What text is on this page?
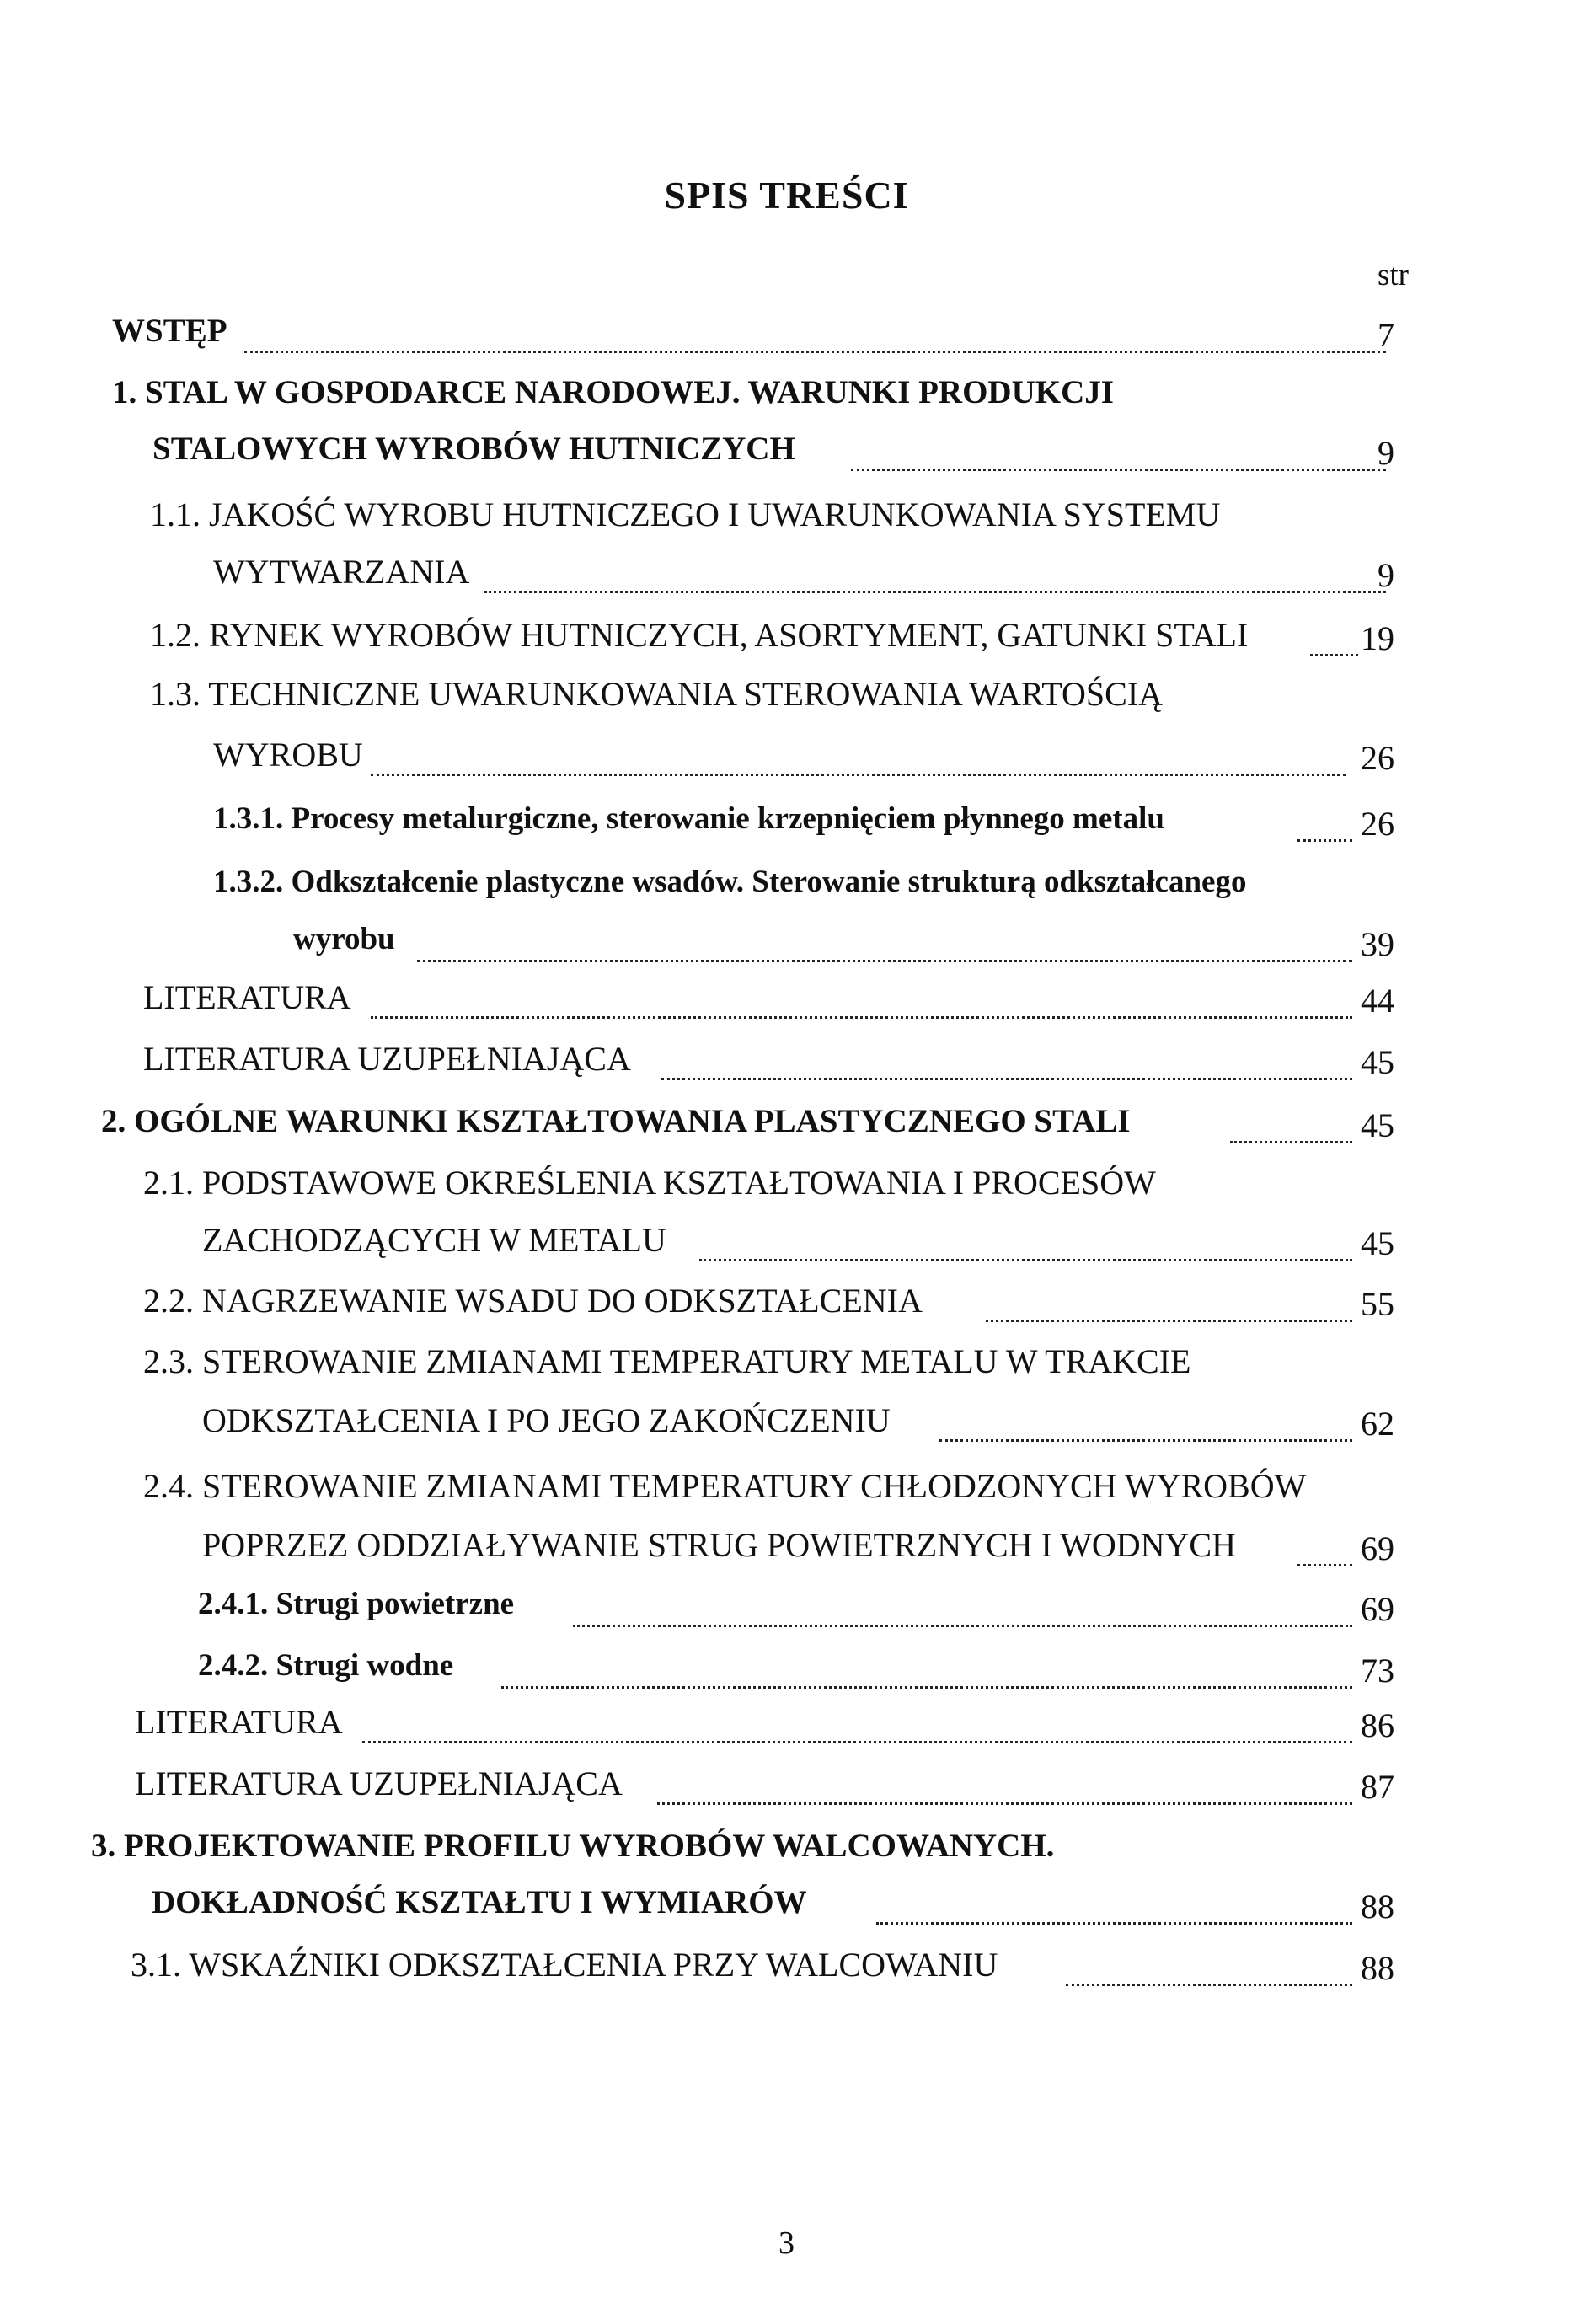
SPIS TREŚCI
str
WSTĘP	7
1. STAL W GOSPODARCE NARODOWEJ. WARUNKI PRODUKCJI
STALOWYCH WYROBÓW HUTNICZYCH	9
1.1. JAKOŚĆ WYROBU HUTNICZEGO I UWARUNKOWANIA SYSTEMU
WYTWARZANIA	9
1.2. RYNEK WYROBÓW HUTNICZYCH, ASORTYMENT, GATUNKI STALI	19
1.3. TECHNICZNE UWARUNKOWANIA STEROWANIA WARTOŚCIĄ
WYROBU	26
1.3.1. Procesy metalurgiczne, sterowanie krzepnięciem płynnego metalu	26
1.3.2. Odkształcenie plastyczne wsadów. Sterowanie strukturą odkształcanego
wyrobu	39
LITERATURA	44
LITERATURA UZUPEŁNIAJĄCA	45
2. OGÓLNE WARUNKI KSZTAŁTOWANIA PLASTYCZNEGO STALI	45
2.1. PODSTAWOWE OKREŚLENIA KSZTAŁTOWANIA I PROCESÓW
ZACHODZĄCYCH W METALU	45
2.2. NAGRZEWANIE WSADU DO ODKSZTAŁCENIA	55
2.3. STEROWANIE ZMIANAMI TEMPERATURY METALU W TRAKCIE
ODKSZTAŁCENIA I PO JEGO ZAKOŃCZENIU	62
2.4. STEROWANIE ZMIANAMI TEMPERATURY CHŁODZONYCH WYROBÓW
POPRZEZ ODDZIAŁYWANIE STRUG POWIETRZNYCH I WODNYCH	69
2.4.1. Strugi powietrzne	69
2.4.2. Strugi wodne	73
LITERATURA	86
LITERATURA UZUPEŁNIAJĄCA	87
3. PROJEKTOWANIE PROFILU WYROBÓW WALCOWANYCH.
DOKŁADNOŚĆ KSZTAŁTU I WYMIARÓW	88
3.1. WSKAŹNIKI ODKSZTAŁCENIA PRZY WALCOWANIU	88
3
